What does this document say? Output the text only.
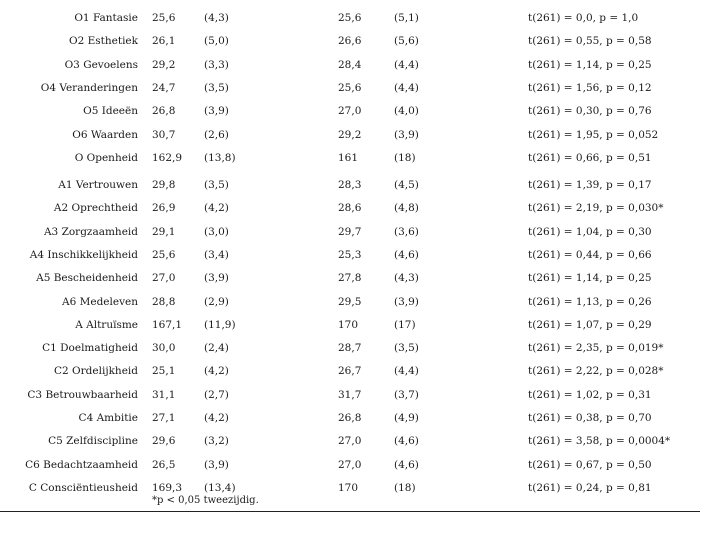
O1 Fantasie 25,6	(4,3)	25,6	(5,1)	t(261) = 0,0, p = 1,0
O2 Esthetiek 26,1	(5,0)	26,6	(5,6)	t(261) = 0,55, p = 0,58
O3 Gevoelens 29,2	(3,3)	28,4	(4,4)	t(261) = 1,14, p = 0,25
O4 Veranderingen 24,7	(3,5)	25,6	(4,4)	t(261) = 1,56, p = 0,12
O5 Ideeën 26,8	(3,9)	27,0	(4,0)	t(261) = 0,30, p = 0,76
O6 Waarden 30,7	(2,6)	29,2	(3,9)	t(261) = 1,95, p = 0,052
O Openheid 162,9 (13,8)	161	(18)	t(261) = 0,66, p = 0,51
A1 Vertrouwen 29,8	(3,5)	28,3	(4,5)	t(261) = 1,39, p = 0,17
A2 Oprechtheid 26,9	(4,2)	28,6	(4,8)	t(261) = 2,19, p = 0,030*
A3 Zorgzaamheid 29,1	(3,0)	29,7	(3,6)	t(261) = 1,04, p = 0,30
A4 Inschikkelijkheid 25,6	(3,4)	25,3	(4,6)	t(261) = 0,44, p = 0,66
A5 Bescheidenheid 27,0	(3,9)	27,8	(4,3)	t(261) = 1,14, p = 0,25
A6 Medeleven 28,8	(2,9)	29,5	(3,9)	t(261) = 1,13, p = 0,26
A Altruïsme 167,1 (11,9)	170	(17)	t(261) = 1,07, p = 0,29
C1 Doelmatigheid 30,0	(2,4)	28,7	(3,5)	t(261) = 2,35, p = 0,019*
C2 Ordelijkheid 25,1	(4,2)	26,7	(4,4)	t(261) = 2,22, p = 0,028*
C3 Betrouwbaarheid 31,1	(2,7)	31,7	(3,7)	t(261) = 1,02, p = 0,31
C4 Ambitie 27,1	(4,2)	26,8	(4,9)	t(261) = 0,38, p = 0,70
C5 Zelfdiscipline 29,6	(3,2)	27,0	(4,6)	t(261) = 3,58, p = 0,0004*
C6 Bedachtzaamheid 26,5	(3,9)	27,0	(4,6)	t(261) = 0,67, p = 0,50
C Consciëntieusheid 169,3 (13,4)	170	(18)	t(261) = 0,24, p = 0,81
*p < 0,05 tweezijdig.
